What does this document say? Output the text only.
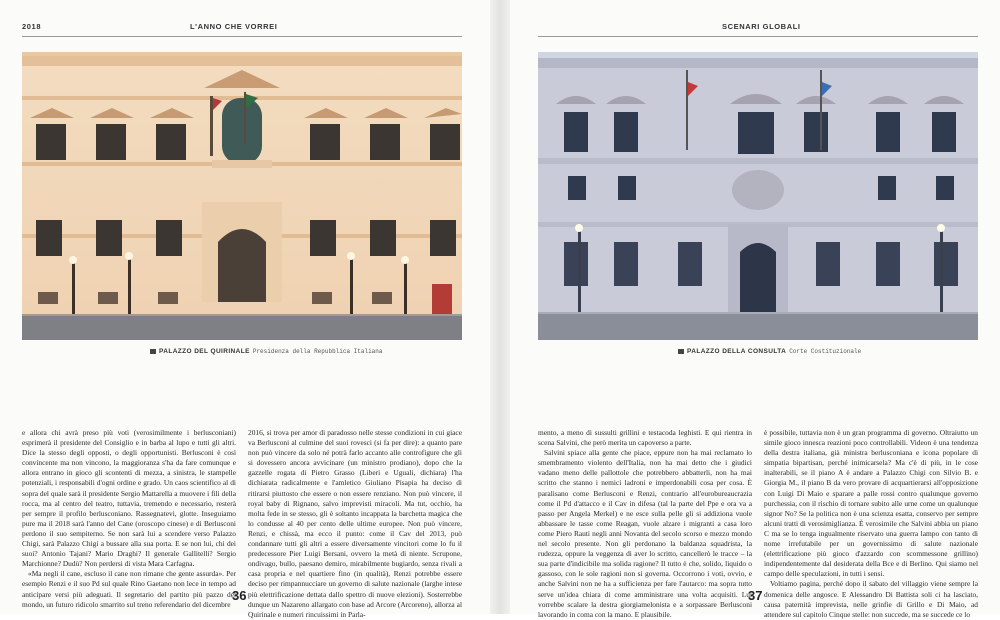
2018	L'ANNO CHE VORREI
PALAZZO DEL QUIRINALE Presidenza della Repubblica Italiana

e allora chi avrà preso più voti (verosimilmente i berlusconiani) esprimerà il presidente del Consiglio e in barba al lupo e tutti gli altri. Dice la stesso degli opposti, o degli opportunisti. Berlusconi è così convincente ma non vincono, la maggioranza s'ha da fare comunque e allora entrano in gioco gli scontenti di mezza, a sinistra, le stampelle potenziali, i responsabili d'ogni ordine e grado. Un caos scientifico al di sopra del quale sarà il presidente Sergio Mattarella a muovere i fili della rocca, ma al centro del teatro, tuttavia, tremendo e necessario, resterà per sempre il profilo berlusconiano. Rassegnatevi, glotte. Inseguiamo pure ma il 2018 sarà l'anno del Cane (oroscopo cinese) e di Berlusconi perdono il suo sempiterno. Se non sarà lui a scendere verso Palazzo Chigi, sarà Palazzo Chigi a bussare alla sua porta. E se non lui, chi dei suoi? Antonio Tajani? Mario Draghi? Il generale Gallitelli? Sergio Marchionne? Dudù? Non perdersi di vista Mara Carfagna.

«Ma negli il cane, escluso il cane non rimane che gente assurda». Per esempio Renzi e il suo Pd sul quale Rino Gaetano non lece in tempo ad anticipare versi più adeguati. Il segretario del partito più pazzo del mondo, un futuro ridicolo smarrito sul treno referendario del dicembre

2016, si trova per amor di paradosso nelle stesse condizioni in cui giace va Berlusconi al culmine del suoi rovesci (si fa per dire): a quanto pare non può vincere da solo né potrà farlo accanto alle controfigure che gli si dovessero ancora avvicinare (un ministro prodiano), dopo che la gazzelle rogata di Pietro Grasso (Liberi e Uguali, dichiara) l'ha dichiarata radicalmente e l'amletico Giuliano Pisapia ha deciso di ritirarsi piuttosto che essere o non essere renziano. Non può vincere, il royal baby di Rignano, salvo imprevisti miracoli. Ma tut, occhio, ha molta fede in se stesso, gli è soltanto incappata la barchetta magica che lo condusse al 40 per cento delle ultime europee. Non può vincere, Renzi, e chissà, ma ecco il punto: come il Cav del 2013, può condannare tutti gli altri a essere diversamente vincitori come lo fu il predecessore Pier Luigi Bersani, ovvero la metà di niente. Scrupone, ondivago, bullo, paesano demiro, mirabilmente bugiardo, senza rivali a casa propria e nel quartiere fino (in qualità), Renzi potrebbe essere deciso per rimpannucciare un governo di salute nazionale (larghe intese più elettrificazione dettata dallo spettro di nuove elezioni). Sosterrebbe dunque un Nazareno allargato con base ad Arcore (Arcoreno), allorza al Quirinale e numeri rincuissimi in Parla-

36
SCENARI GLOBALI
PALAZZO DELLA CONSULTA Corte Costituzionale

mento, a meno di sussulti grillini e testacoda leghisti. E qui rientra in scena Salvini, che però merita un capoverso a parte.

Salvini spiace alla gente che piace, eppure non ha mai reclamato lo smembramento violento dell'Italia, non ha mai detto che i giudici vadano meno delle pallottole che potrebbero abbatterli, non ha mai scritto che stanno i nemici ladroni e imperdonabili cosa per cosa. È paralisano come Berlusconi e Renzi, contrario all'eurobureaucrazia come il Pd d'attacco e il Cav in difesa (tal la parte del Ppe e ora va a passo per Angela Merkel) e ne esce sulla pelle gli si addiziona vuole abbassare le tasse come Reagan, vuole alzare i migranti a casa loro come Piero Rauti negli anni Novanta del secolo scorso e mezzo mondo nel secolo presente. Non gli perdonano la baldanza squadrista, la rudezza, oppure la veggenza di aver lo scritto, cancellerò le tracce – la sua parte d'indicibile ma solida ragione? Il tutto è che, solido, liquido o gassoso, con le sole ragioni non si governa. Occorrono i voti, ovvio, e anche Salvini non ne ha a sufficienza per fare l'autarco: ma sopra tutto serve un'idea chiara di come amministrare una volta acquisiti. Lui vorrebbe scalare la destra giorgiamelonista e a sorpassare Berlusconi lavorando in coma con la mano. E plausibile.

è possibile, tuttavia non è un gran programma di governo. Oltraiutto un simile gioco innesca reazioni poco controllabili. Videon è una tendenza della destra italiana, già ministra berlusconiana e icona popolare di simpatia bipartisan, perché inimicarsela? Ma c'è di più, in le cose inalterabili, se il piano A è andare a Palazzo Chigi con Silvio B. e Giorgia M., il piano B da vero provare di acquartierarsi all'opposizione con Luigi Di Maio e sparare a palle rossi contro qualunque governo purchessia, con il rischio di tornare subito alle urne come un qualunque signor No? Se la politica non è una scienza esatta, conservo per sempre alcuni tratti di verosimiglianza. È verosimile che Salvini abbia un piano C ma se lo tenga ingualmente riservato una guerra lampo con tanto di nome irrefutabile per un governissimo di salute nazionale (elettrificazione più gioco d'azzardo con scommessone grillino) indipendentemente dal desiderata della Bce e di Berlino. Qui siamo nel campo delle speculazioni, in tutti i sensi.

Voltiamo pagina, perché dopo il sabato del villaggio viene sempre la domenica delle angosce. E Alessandro Di Battista soli ci ha lasciato, causa paternità imprevista, nelle grinfie di Grillo e Di Maio, ad attendere sul capitolo Cinque stelle: non succede, ma se succede ce lo

37
